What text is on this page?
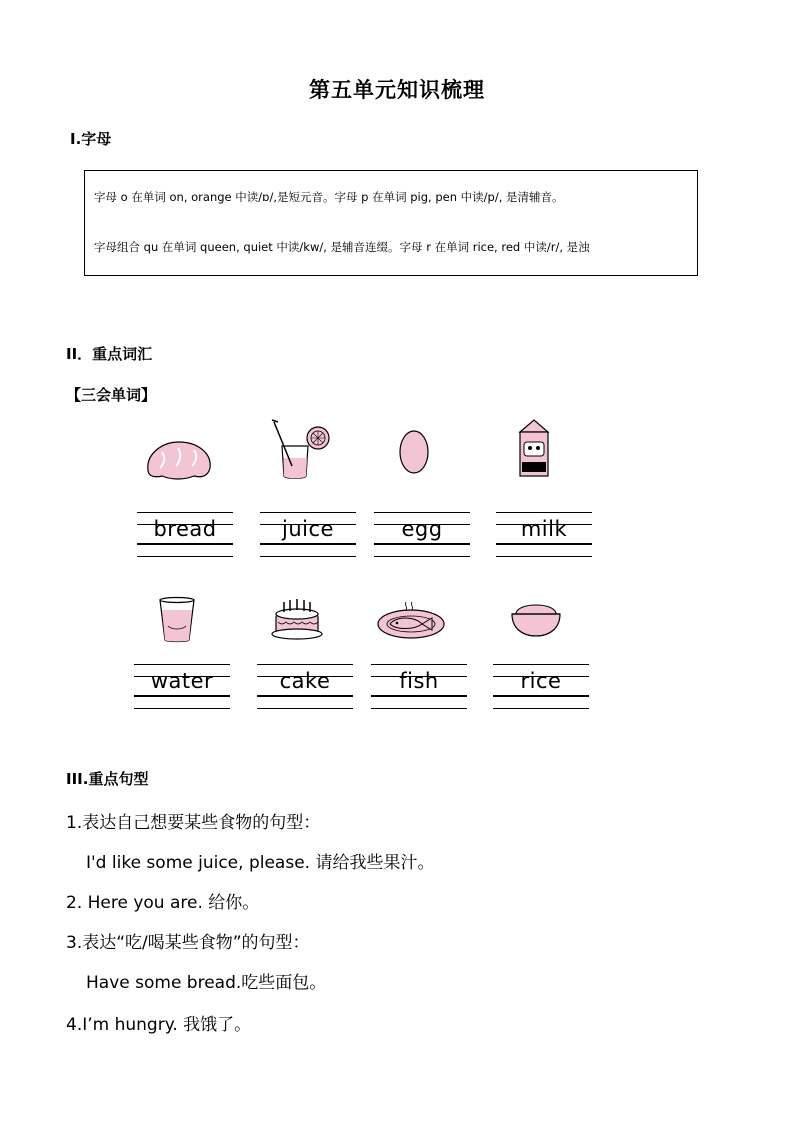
第五单元知识梳理
Ⅰ.字母

字母 o 在单词 on, orange 中读/ɒ/,是短元音。字母 p 在单词 pig, pen 中读/p/, 是清辅音。

字母组合 qu 在单词 queen, quiet 中读/kw/, 是辅音连缀。字母 r 在单词 rice, red 中读/r/, 是浊

II．重点词汇
【三会单词】
bread	juice	egg	milk
water	cake	fish	rice
III.重点句型
1.表达自己想要某些食物的句型：
I'd like some juice, please. 请给我些果汁。
2. Here you are. 给你。
3.表达“吃/喝某些食物”的句型：
Have some bread.吃些面包。
4.I’m hungry. 我饿了。
